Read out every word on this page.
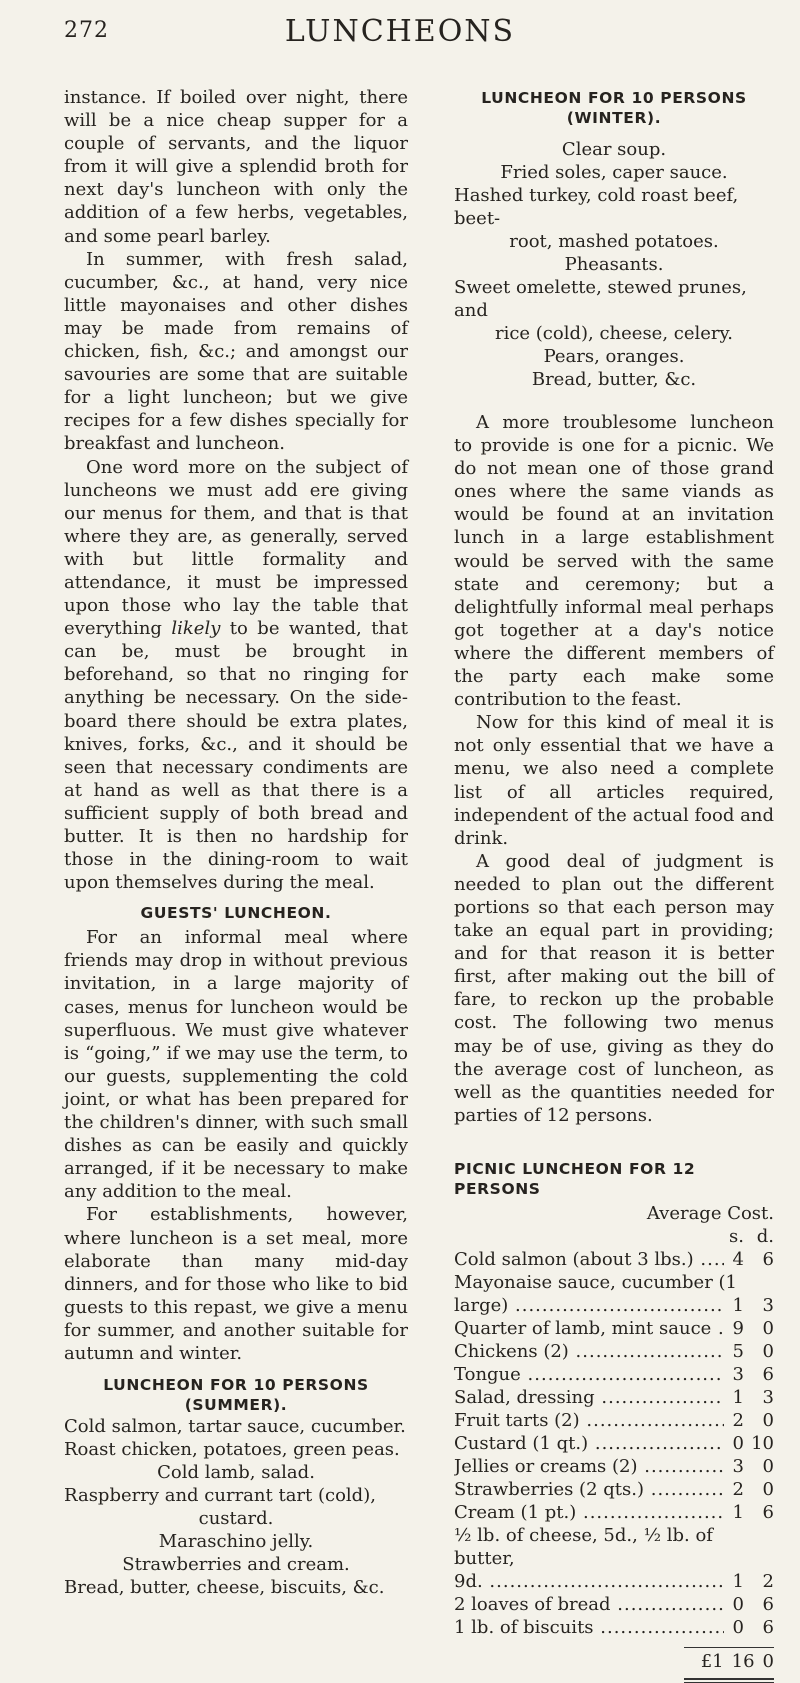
272	LUNCHEONS

instance. If boiled over night, there will be a nice cheap supper for a couple of servants, and the liquor from it will give a splendid broth for next day's luncheon with only the addition of a few herbs, vegetables, and some pearl barley.

In summer, with fresh salad, cucumber, &c., at hand, very nice little mayonaises and other dishes may be made from remains of chicken, fish, &c.; and amongst our savouries are some that are suitable for a light luncheon; but we give recipes for a few dishes specially for breakfast and luncheon.

One word more on the subject of luncheons we must add ere giving our menus for them, and that is that where they are, as generally, served with but little formality and attendance, it must be impressed upon those who lay the table that everything likely to be wanted, that can be, must be brought in beforehand, so that no ringing for anything be necessary. On the side-board there should be extra plates, knives, forks, &c., and it should be seen that necessary condiments are at hand as well as that there is a sufficient supply of both bread and butter. It is then no hardship for those in the dining-room to wait upon themselves during the meal.

GUESTS' LUNCHEON.

For an informal meal where friends may drop in without previous invitation, in a large majority of cases, menus for luncheon would be superfluous. We must give whatever is “going,” if we may use the term, to our guests, supplementing the cold joint, or what has been prepared for the children's dinner, with such small dishes as can be easily and quickly arranged, if it be necessary to make any addition to the meal.

For establishments, however, where luncheon is a set meal, more elaborate than many mid-day dinners, and for those who like to bid guests to this repast, we give a menu for summer, and another suitable for autumn and winter.

LUNCHEON FOR 10 PERSONS
(SUMMER).
Cold salmon, tartar sauce, cucumber.
Roast chicken, potatoes, green peas.
Cold lamb, salad.
Raspberry and currant tart (cold),
custard.
Maraschino jelly.
Strawberries and cream.
Bread, butter, cheese, biscuits, &c.
LUNCHEON FOR 10 PERSONS
(WINTER).
Clear soup.
Fried soles, caper sauce.
Hashed turkey, cold roast beef, beet-
root, mashed potatoes.
Pheasants.
Sweet omelette, stewed prunes, and
rice (cold), cheese, celery.
Pears, oranges.
Bread, butter, &c.

A more troublesome luncheon to provide is one for a picnic. We do not mean one of those grand ones where the same viands as would be found at an invitation lunch in a large establishment would be served with the same state and ceremony; but a delightfully informal meal perhaps got together at a day's notice where the different members of the party each make some contribution to the feast.

Now for this kind of meal it is not only essential that we have a menu, we also need a complete list of all articles required, independent of the actual food and drink.

A good deal of judgment is needed to plan out the different portions so that each person may take an equal part in providing; and for that reason it is better first, after making out the bill of fare, to reckon up the probable cost. The following two menus may be of use, giving as they do the average cost of luncheon, as well as the quantities needed for parties of 12 persons.

PICNIC LUNCHEON FOR 12 PERSONS
Average Cost.
s. d.
Cold salmon (about 3 lbs.) .....	4	6
Mayonaise sauce, cucumber (1
large) .....	1	3
Quarter of lamb, mint sauce .....	9	0
Chickens (2) .....	5	0
Tongue .....	3	6
Salad, dressing .....	1	3
Fruit tarts (2) .....	2	0
Custard (1 qt.) .....	0 10
Jellies or creams (2) .....	3	0
Strawberries (2 qts.) .....	2	0
Cream (1 pt.) .....	1	6
½ lb. of cheese, 5d., ½ lb. of butter,
9d. .....	1	2
2 loaves of bread .....	0	6
1 lb. of biscuits .....	0	6
£1 16 0
